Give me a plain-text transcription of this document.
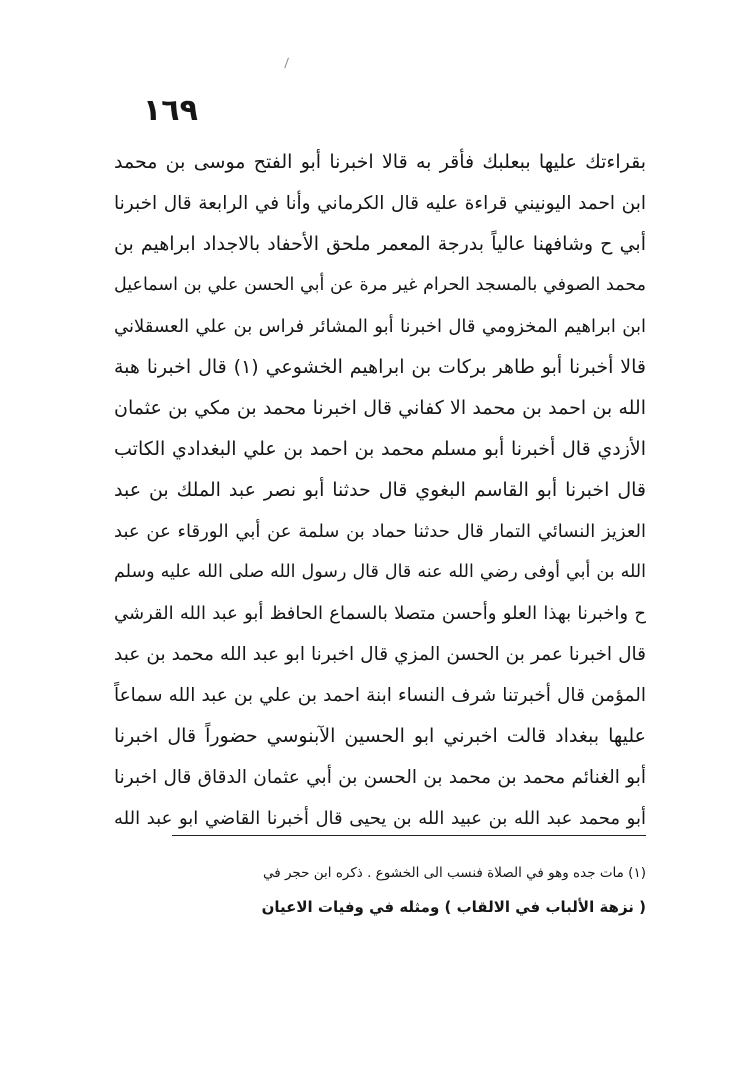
١٦٩
بقراءتك عليها ببعلبك فأقر به قالا اخبرنا أبو الفتح موسى بن محمد
ابن احمد اليونيني قراءة عليه قال الكرماني وأنا في الرابعة قال اخبرنا
أبي ح وشافهنا عالياً بدرجة المعمر ملحق الأحفاد بالاجداد ابراهيم بن
محمد الصوفي بالمسجد الحرام غير مرة عن أبي الحسن علي بن اسماعيل
ابن ابراهيم المخزومي قال اخبرنا أبو المشائر فراس بن علي العسقلاني
قالا أخبرنا أبو طاهر بركات بن ابراهيم الخشوعي (١) قال اخبرنا هبة
الله بن احمد بن محمد الا كفاني قال اخبرنا محمد بن مكي بن عثمان
الأزدي قال أخبرنا أبو مسلم محمد بن احمد بن علي البغدادي الكاتب
قال اخبرنا أبو القاسم البغوي قال حدثنا أبو نصر عبد الملك بن عبد
العزيز النسائي التمار قال حدثنا حماد بن سلمة عن أبي الورقاء عن عبد
الله بن أبي أوفى رضي الله عنه قال قال رسول الله صلى الله عليه وسلم
ح واخبرنا بهذا العلو وأحسن متصلا بالسماع الحافظ أبو عبد الله القرشي
قال اخبرنا عمر بن الحسن المزي قال اخبرنا ابو عبد الله محمد بن عبد
المؤمن قال أخبرتنا شرف النساء ابنة احمد بن علي بن عبد الله سماعاً
عليها ببغداد قالت اخبرني ابو الحسين الآبنوسي حضوراً قال اخبرنا
أبو الغنائم محمد بن محمد بن الحسن بن أبي عثمان الدقاق قال اخبرنا
أبو محمد عبد الله بن عبيد الله بن يحيى قال أخبرنا القاضي ابو عبد الله
(١) مات جده وهو في الصلاة فنسب الى الخشوع . ذكره ابن حجر في
( نزهة الألباب في الالقاب ) ومثله في وفيات الاعيان
